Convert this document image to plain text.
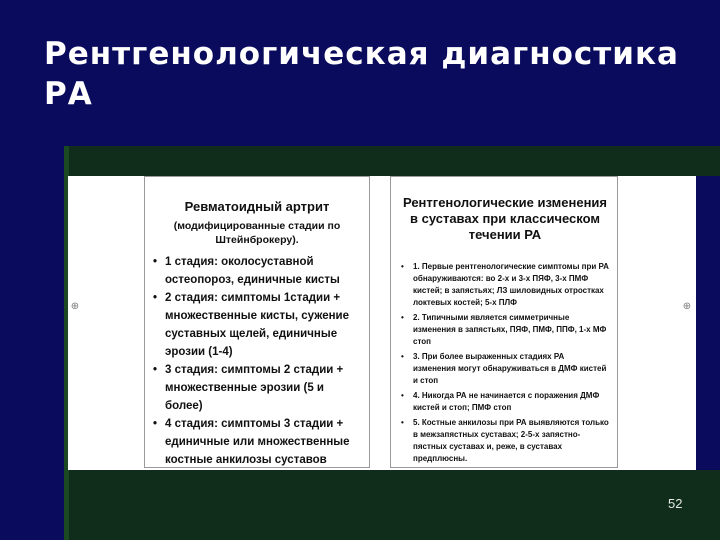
Рентгенологическая диагностика РА
⊕	⊕
Ревматоидный артрит
(модифицированные стадии по Штейнброкеру).
• 1 стадия: околосуставной остеопороз, единичные кисты
• 2 стадия: симптомы 1стадии + множественные кисты, сужение суставных щелей, единичные эрозии (1-4)
• 3 стадия: симптомы 2 стадии + множественные эрозии (5 и более)
• 4 стадия: симптомы 3 стадии + единичные или множественные костные анкилозы суставов
Рентгенологические изменения в суставах при классическом течении РА
• 1. Первые рентгенологические симптомы при РА обнаруживаются: во 2-х и 3-х ПЯФ, 3-х ПМФ кистей; в запястьях; ЛЗ шиловидных отростках локтевых костей; 5-х ПЛФ
• 2. Типичными является симметричные изменения в запястьях, ПЯФ, ПМФ, ППФ, 1-х МФ стоп
• 3. При более выраженных стадиях РА изменения могут обнаруживаться в ДМФ кистей и стоп
• 4. Никогда РА не начинается с поражения ДМФ кистей и стоп; ПМФ стоп
• 5. Костные анкилозы при РА выявляются только в межзапястных суставах; 2-5-х запястно-пястных суставах и, реже, в суставах предплюсны.
52
